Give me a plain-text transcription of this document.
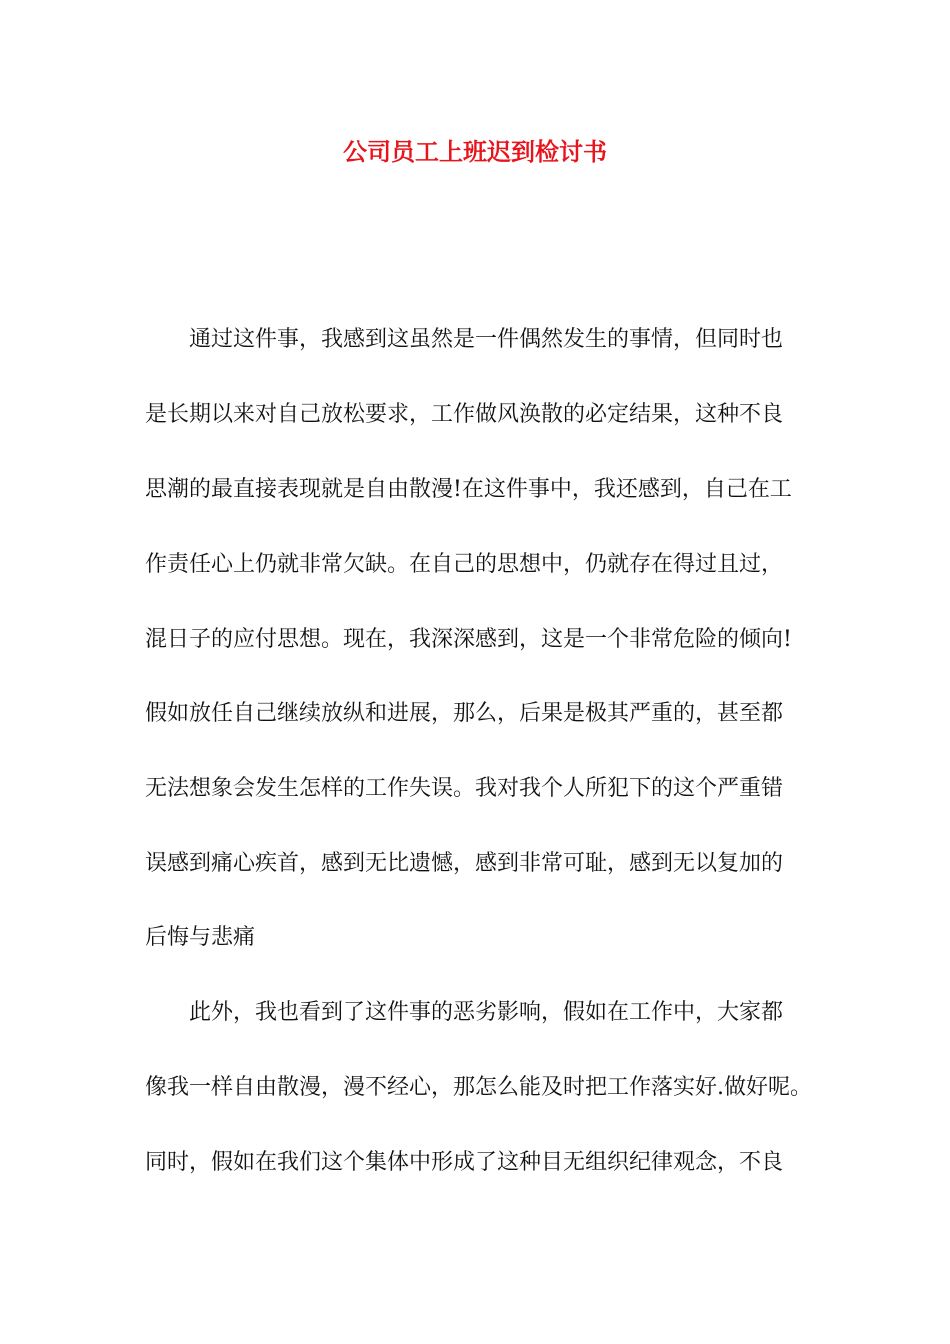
公司员工上班迟到检讨书
通过这件事，我感到这虽然是一件偶然发生的事情，但同时也
是长期以来对自己放松要求，工作做风涣散的必定结果，这种不良
思潮的最直接表现就是自由散漫!在这件事中，我还感到，自己在工
作责任心上仍就非常欠缺。在自己的思想中，仍就存在得过且过，
混日子的应付思想。现在，我深深感到，这是一个非常危险的倾向!
假如放任自己继续放纵和进展，那么，后果是极其严重的，甚至都
无法想象会发生怎样的工作失误。我对我个人所犯下的这个严重错
误感到痛心疾首，感到无比遗憾，感到非常可耻，感到无以复加的
后悔与悲痛
此外，我也看到了这件事的恶劣影响，假如在工作中，大家都
像我一样自由散漫，漫不经心，那怎么能及时把工作落实好.做好呢。
同时，假如在我们这个集体中形成了这种目无组织纪律观念，不良
